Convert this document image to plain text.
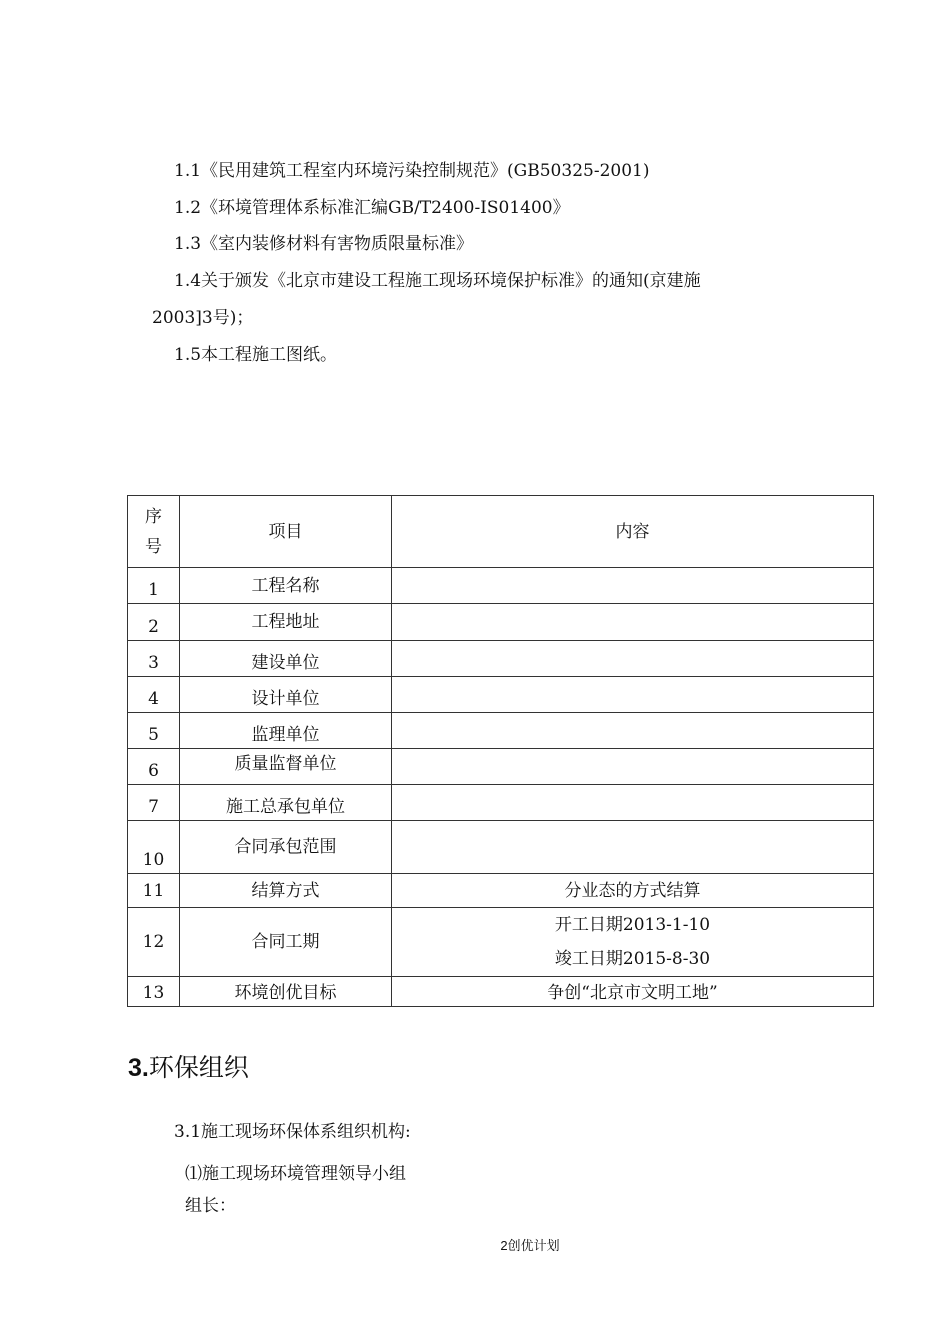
1.1《民用建筑工程室内环境污染控制规范》(GB50325-2001)
1.2《环境管理体系标准汇编GB/T2400-IS01400》
1.3《室内装修材料有害物质限量标准》
1.4关于颁发《北京市建设工程施工现场环境保护标准》的通知(京建施
2003]3号)；
1.5本工程施工图纸。
序号	项目	内容
1	工程名称	
2	工程地址	
3	建设单位	
4	设计单位	
5	监理单位	
6	质量监督单位	
7	施工总承包单位	
10	合同承包范围	
11	结算方式	分业态的方式结算
12	合同工期	开工日期2013-1-10
竣工日期2015-8-30

13	环境创优目标	争创“北京市文明工地”
3.环保组织
3.1施工现场环保体系组织机构:
⑴施工现场环境管理领导小组
组长：
2创优计划
